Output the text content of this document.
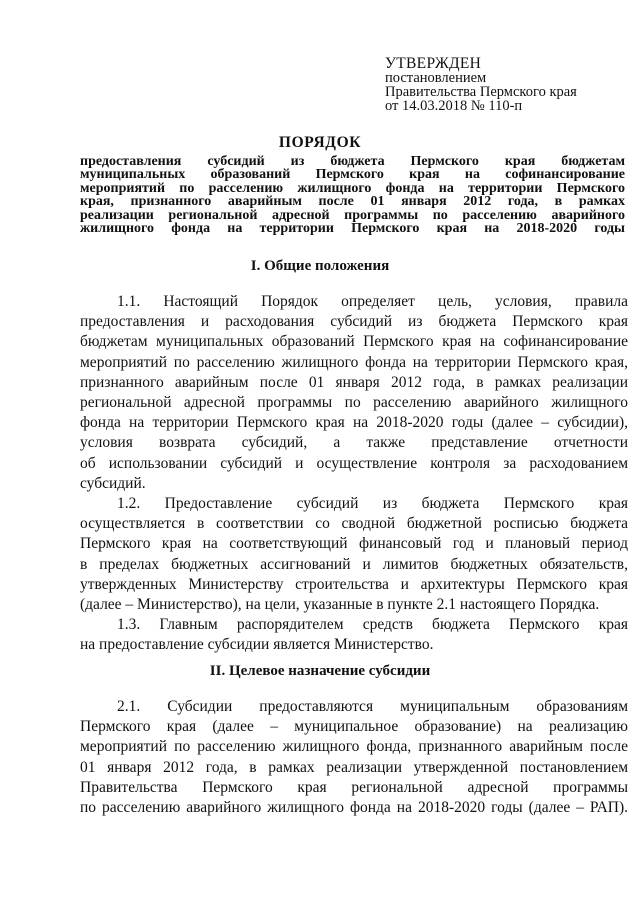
УТВЕРЖДЕН
постановлением
Правительства Пермского края
от 14.03.2018 № 110-п
ПОРЯДОК
предоставления субсидий из бюджета Пермского края бюджетам
муниципальных образований Пермского края на софинансирование
мероприятий по расселению жилищного фонда на территории Пермского
края, признанного аварийным после 01 января 2012 года, в рамках
реализации региональной адресной программы по расселению аварийного
жилищного фонда на территории Пермского края на 2018-2020 годы
I. Общие положения
1.1. Настоящий Порядок определяет цель, условия, правила
предоставления и расходования субсидий из бюджета Пермского края
бюджетам муниципальных образований Пермского края на софинансирование
мероприятий по расселению жилищного фонда на территории Пермского края,
признанного аварийным после 01 января 2012 года, в рамках реализации
региональной адресной программы по расселению аварийного жилищного
фонда на территории Пермского края на 2018-2020 годы (далее – субсидии),
условия возврата субсидий, а также представление отчетности
об использовании субсидий и осуществление контроля за расходованием
субсидий.
1.2. Предоставление субсидий из бюджета Пермского края
осуществляется в соответствии со сводной бюджетной росписью бюджета
Пермского края на соответствующий финансовый год и плановый период
в пределах бюджетных ассигнований и лимитов бюджетных обязательств,
утвержденных Министерству строительства и архитектуры Пермского края
(далее – Министерство), на цели, указанные в пункте 2.1 настоящего Порядка.
1.3. Главным распорядителем средств бюджета Пермского края
на предоставление субсидии является Министерство.
II. Целевое назначение субсидии
2.1. Субсидии предоставляются муниципальным образованиям
Пермского края (далее – муниципальное образование) на реализацию
мероприятий по расселению жилищного фонда, признанного аварийным после
01 января 2012 года, в рамках реализации утвержденной постановлением
Правительства Пермского края региональной адресной программы
по расселению аварийного жилищного фонда на 2018-2020 годы (далее – РАП).
